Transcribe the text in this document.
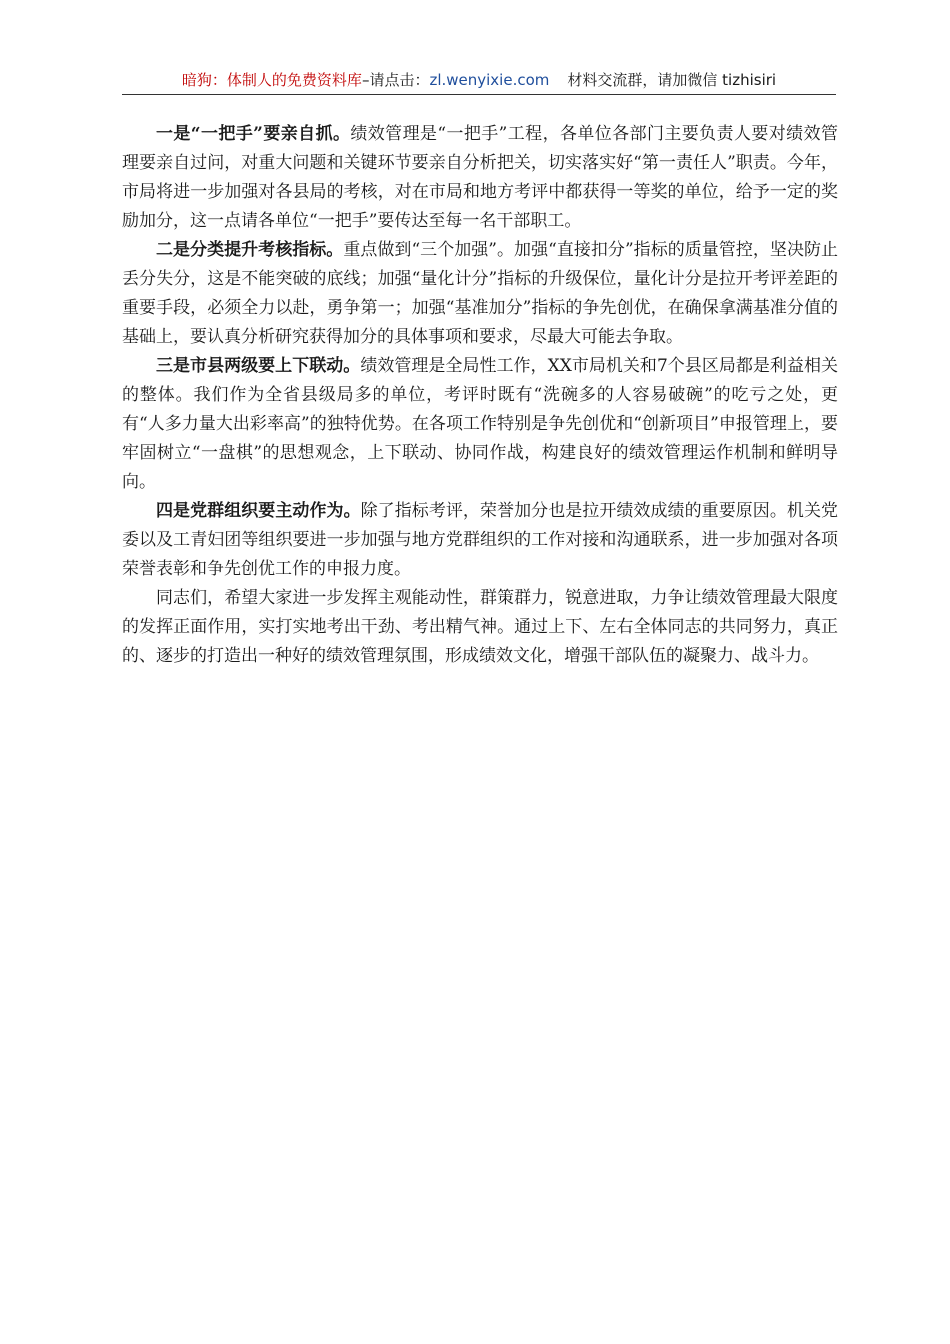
暗狗：体制人的免费资料库–请点击：zl.wenyixie.com 材料交流群，请加微信 tizhisiri

一是“一把手”要亲自抓。绩效管理是“一把手”工程，各单位各部门主要负责人要对绩效管理要亲自过问，对重大问题和关键环节要亲自分析把关，切实落实好“第一责任人”职责。今年，市局将进一步加强对各县局的考核，对在市局和地方考评中都获得一等奖的单位，给予一定的奖励加分，这一点请各单位“一把手”要传达至每一名干部职工。

二是分类提升考核指标。重点做到“三个加强”。加强“直接扣分”指标的质量管控，坚决防止丢分失分，这是不能突破的底线；加强“量化计分”指标的升级保位，量化计分是拉开考评差距的重要手段，必须全力以赴，勇争第一；加强“基准加分”指标的争先创优，在确保拿满基准分值的基础上，要认真分析研究获得加分的具体事项和要求，尽最大可能去争取。

三是市县两级要上下联动。绩效管理是全局性工作，XX市局机关和7个县区局都是利益相关的整体。我们作为全省县级局多的单位，考评时既有“洗碗多的人容易破碗”的吃亏之处，更有“人多力量大出彩率高”的独特优势。在各项工作特别是争先创优和“创新项目”申报管理上，要牢固树立“一盘棋”的思想观念，上下联动、协同作战，构建良好的绩效管理运作机制和鲜明导向。

四是党群组织要主动作为。除了指标考评，荣誉加分也是拉开绩效成绩的重要原因。机关党委以及工青妇团等组织要进一步加强与地方党群组织的工作对接和沟通联系，进一步加强对各项荣誉表彰和争先创优工作的申报力度。

同志们，希望大家进一步发挥主观能动性，群策群力，锐意进取，力争让绩效管理最大限度的发挥正面作用，实打实地考出干劲、考出精气神。通过上下、左右全体同志的共同努力，真正的、逐步的打造出一种好的绩效管理氛围，形成绩效文化，增强干部队伍的凝聚力、战斗力。
